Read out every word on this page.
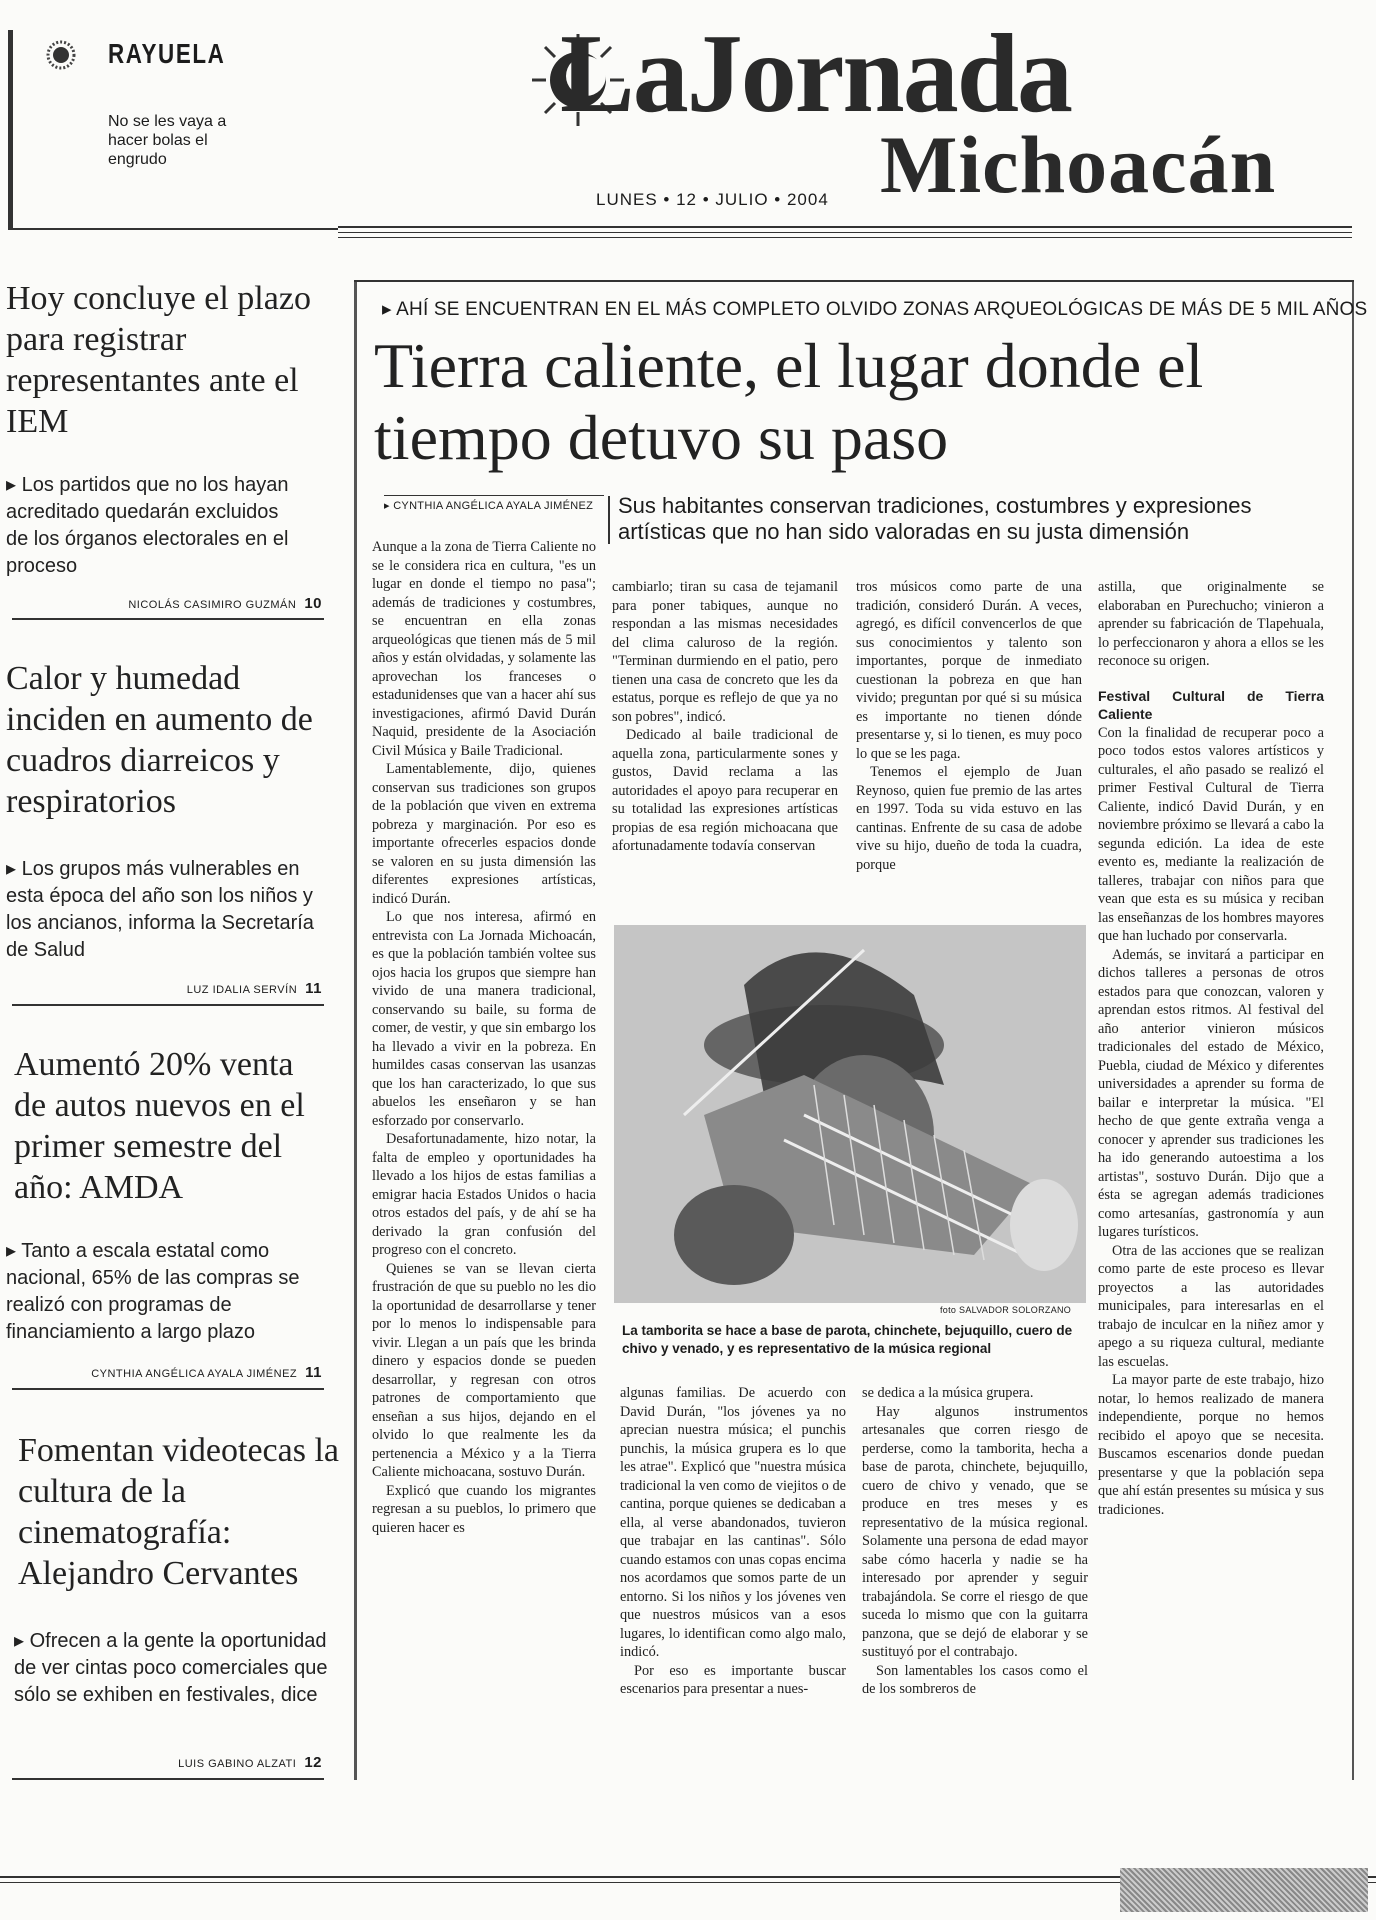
RAYUELA
No se les vaya a hacer bolas el engrudo
LaJornada
Michoacán
LUNES • 12 • JULIO • 2004
Hoy concluye el plazo para registrar representantes ante el IEM
▸ Los partidos que no los hayan acreditado quedarán excluidos de los órganos electorales en el proceso
NICOLÁS CASIMIRO GUZMÁN 10
Calor y humedad inciden en aumento de cuadros diarreicos y respiratorios
▸ Los grupos más vulnerables en esta época del año son los niños y los ancianos, informa la Secretaría de Salud
LUZ IDALIA SERVÍN 11
Aumentó 20% venta de autos nuevos en el primer semestre del año: AMDA
▸ Tanto a escala estatal como nacional, 65% de las compras se realizó con programas de financiamiento a largo plazo
CYNTHIA ANGÉLICA AYALA JIMÉNEZ 11
Fomentan videotecas la cultura de la cinematografía: Alejandro Cervantes
▸ Ofrecen a la gente la oportunidad de ver cintas poco comerciales que sólo se exhiben en festivales, dice
LUIS GABINO ALZATI 12
▸ AHÍ SE ENCUENTRAN EN EL MÁS COMPLETO OLVIDO ZONAS ARQUEOLÓGICAS DE MÁS DE 5 MIL AÑOS
Tierra caliente, el lugar donde el tiempo detuvo su paso
▸ CYNTHIA ANGÉLICA AYALA JIMÉNEZ Sus habitantes conservan tradiciones, costumbres y expresiones artísticas que no han sido valoradas en su justa dimensión

Aunque a la zona de Tierra Caliente no se le considera rica en cultura, "es un lugar en donde el tiempo no pasa"; además de tradiciones y costumbres, se encuentran en ella zonas arqueológicas que tienen más de 5 mil años y están olvidadas, y solamente las aprovechan los franceses o estadunidenses que van a hacer ahí sus investigaciones, afirmó David Durán Naquid, presidente de la Asociación Civil Música y Baile Tradicional.

Lamentablemente, dijo, quienes conservan sus tradiciones son grupos de la población que viven en extrema pobreza y marginación. Por eso es importante ofrecerles espacios donde se valoren en su justa dimensión las diferentes expresiones artísticas, indicó Durán.

Lo que nos interesa, afirmó en entrevista con La Jornada Michoacán, es que la población también voltee sus ojos hacia los grupos que siempre han vivido de una manera tradicional, conservando su baile, su forma de comer, de vestir, y que sin embargo los ha llevado a vivir en la pobreza. En humildes casas conservan las usanzas que los han caracterizado, lo que sus abuelos les enseñaron y se han esforzado por conservarlo.

Desafortunadamente, hizo notar, la falta de empleo y oportunidades ha llevado a los hijos de estas familias a emigrar hacia Estados Unidos o hacia otros estados del país, y de ahí se ha derivado la gran confusión del progreso con el concreto.

Quienes se van se llevan cierta frustración de que su pueblo no les dio la oportunidad de desarrollarse y tener por lo menos lo indispensable para vivir. Llegan a un país que les brinda dinero y espacios donde se pueden desarrollar, y regresan con otros patrones de comportamiento que enseñan a sus hijos, dejando en el olvido lo que realmente les da pertenencia a México y a la Tierra Caliente michoacana, sostuvo Durán.

Explicó que cuando los migrantes regresan a su pueblos, lo primero que quieren hacer es

cambiarlo; tiran su casa de tejamanil para poner tabiques, aunque no respondan a las mismas necesidades del clima caluroso de la región. "Terminan durmiendo en el patio, pero tienen una casa de concreto que les da estatus, porque es reflejo de que ya no son pobres", indicó.

Dedicado al baile tradicional de aquella zona, particularmente sones y gustos, David reclama a las autoridades el apoyo para recuperar en su totalidad las expresiones artísticas propias de esa región michoacana que afortunadamente todavía conservan

tros músicos como parte de una tradición, consideró Durán. A veces, agregó, es difícil convencerlos de que sus conocimientos y talento son importantes, porque de inmediato cuestionan la pobreza en que han vivido; preguntan por qué si su música es importante no tienen dónde presentarse y, si lo tienen, es muy poco lo que se les paga.

Tenemos el ejemplo de Juan Reynoso, quien fue premio de las artes en 1997. Toda su vida estuvo en las cantinas. Enfrente de su casa de adobe vive su hijo, dueño de toda la cuadra, porque

foto SALVADOR SOLORZANO
La tamborita se hace a base de parota, chinchete, bejuquillo, cuero de chivo y venado, y es representativo de la música regional

algunas familias. De acuerdo con David Durán, "los jóvenes ya no aprecian nuestra música; el punchis punchis, la música grupera es lo que les atrae". Explicó que "nuestra música tradicional la ven como de viejitos o de cantina, porque quienes se dedicaban a ella, al verse abandonados, tuvieron que trabajar en las cantinas". Sólo cuando estamos con unas copas encima nos acordamos que somos parte de un entorno. Si los niños y los jóvenes ven que nuestros músicos van a esos lugares, lo identifican como algo malo, indicó.

Por eso es importante buscar escenarios para presentar a nues-

se dedica a la música grupera.

Hay algunos instrumentos artesanales que corren riesgo de perderse, como la tamborita, hecha a base de parota, chinchete, bejuquillo, cuero de chivo y venado, que se produce en tres meses y es representativo de la música regional. Solamente una persona de edad mayor sabe cómo hacerla y nadie se ha interesado por aprender y seguir trabajándola. Se corre el riesgo de que suceda lo mismo que con la guitarra panzona, que se dejó de elaborar y se sustituyó por el contrabajo.

Son lamentables los casos como el de los sombreros de

astilla, que originalmente se elaboraban en Purechucho; vinieron a aprender su fabricación de Tlapehuala, lo perfeccionaron y ahora a ellos se les reconoce su origen.

Festival Cultural de Tierra Caliente

Con la finalidad de recuperar poco a poco todos estos valores artísticos y culturales, el año pasado se realizó el primer Festival Cultural de Tierra Caliente, indicó David Durán, y en noviembre próximo se llevará a cabo la segunda edición. La idea de este evento es, mediante la realización de talleres, trabajar con niños para que vean que esta es su música y reciban las enseñanzas de los hombres mayores que han luchado por conservarla.

Además, se invitará a participar en dichos talleres a personas de otros estados para que conozcan, valoren y aprendan estos ritmos. Al festival del año anterior vinieron músicos tradicionales del estado de México, Puebla, ciudad de México y diferentes universidades a aprender su forma de bailar e interpretar la música. "El hecho de que gente extraña venga a conocer y aprender sus tradiciones les ha ido generando autoestima a los artistas", sostuvo Durán. Dijo que a ésta se agregan además tradiciones como artesanías, gastronomía y aun lugares turísticos.

Otra de las acciones que se realizan como parte de este proceso es llevar proyectos a las autoridades municipales, para interesarlas en el trabajo de inculcar en la niñez amor y apego a su riqueza cultural, mediante las escuelas.

La mayor parte de este trabajo, hizo notar, lo hemos realizado de manera independiente, porque no hemos recibido el apoyo que se necesita. Buscamos escenarios donde puedan presentarse y que la población sepa que ahí están presentes su música y sus tradiciones.
